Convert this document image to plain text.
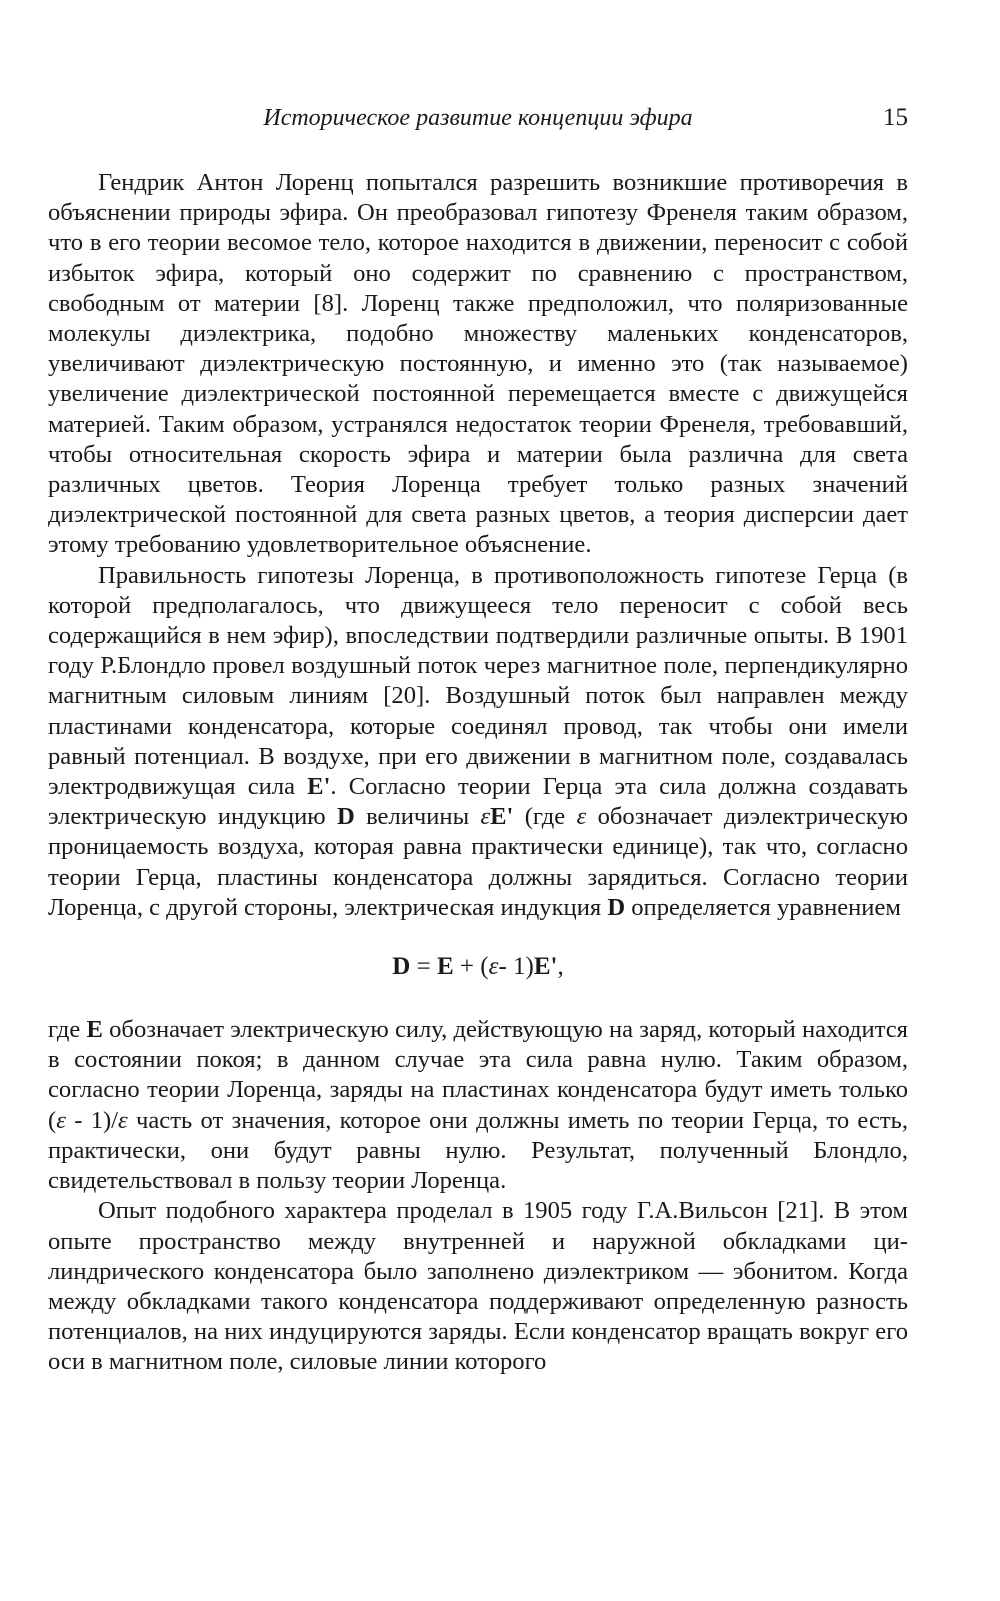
Историческое развитие концепции эфира	15

Гендрик Антон Лоренц попытался разрешить возникшие противоречия в объяснении природы эфира. Он преобразовал гипотезу Френеля таким образом, что в его теории весомое тело, которое находится в движении, переносит с собой избыток эфира, который оно содержит по сравнению с пространством, свободным от материи [8]. Лоренц также предположил, что поляризованные молекулы диэлектрика, подобно множеству маленьких конденсаторов, увеличивают диэлектрическую постоянную, и именно это (так называемое) увеличение диэлектрической постоянной перемещается вместе с движущейся материей. Таким образом, устранялся недостаток теории Френеля, требовавший, чтобы относительная скорость эфира и материи была различна для света различных цветов. Теория Лоренца требует только разных значений диэлектрической постоянной для света разных цветов, а теория дисперсии дает этому требованию удовлетворительное объяснение.

Правильность гипотезы Лоренца, в противоположность гипотезе Герца (в которой предполагалось, что движущееся тело переносит с собой весь содержащийся в нем эфир), впоследствии подтвердили различные опыты. В 1901 году Р.Блондло провел воздушный поток через магнитное поле, перпендикулярно магнитным силовым линиям [20]. Воздушный поток был направлен между пластинами конденсатора, которые соединял провод, так чтобы они имели равный потенциал. В воздухе, при его движении в магнитном поле, создавалась электродвижущая сила E'. Согласно теории Герца эта сила должна создавать электрическую индукцию D величины εE' (где ε обозначает диэлектрическую проницаемость воздуха, которая равна практически единице), так что, согласно теории Герца, пластины конденсатора должны зарядиться. Согласно теории Лоренца, с другой стороны, электрическая индукция D определяется уравнением

D = E + (ε- 1)E',

где E обозначает электрическую силу, действующую на заряд, который находится в состоянии покоя; в данном случае эта сила равна нулю. Таким образом, согласно теории Лоренца, заряды на пластинах конденсатора будут иметь только (ε - 1)/ε часть от значения, которое они должны иметь по теории Герца, то есть, практически, они будут равны нулю. Результат, полученный Блондло, свидетельствовал в пользу теории Лоренца.

Опыт подобного характера проделал в 1905 году Г.А.Вильсон [21]. В этом опыте пространство между внутренней и наружной обкладками цилиндрического конденсатора было заполнено диэлектриком — эбонитом. Когда между обкладками такого конденсатора поддерживают определенную разность потенциалов, на них индуцируются заряды. Если конденсатор вращать вокруг его оси в магнитном поле, силовые линии которого
